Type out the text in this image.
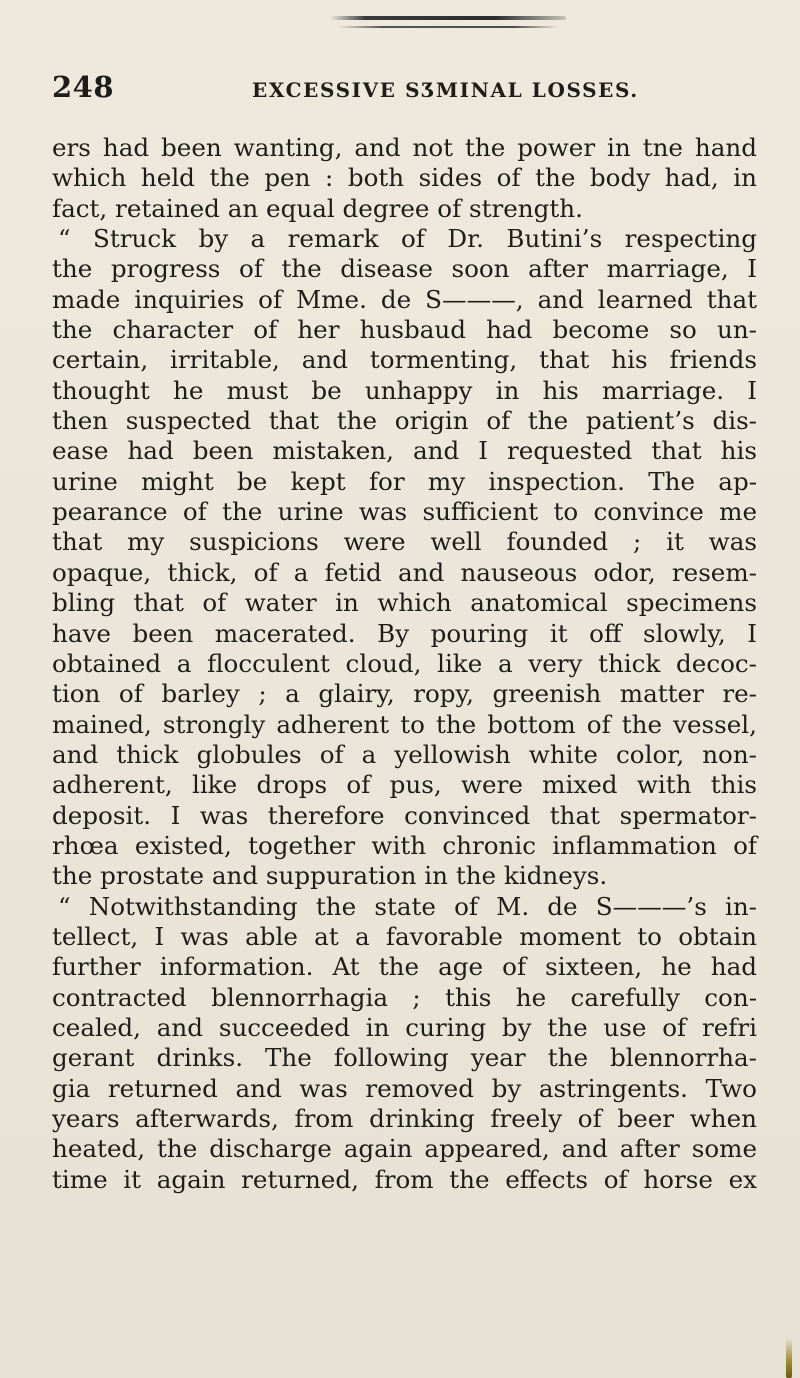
248	EXCESSIVE SƷMINAL LOSSES.
ers had been wanting, and not the power in tne hand
which held the pen : both sides of the body had, in
fact, retained an equal degree of strength.
“ Struck by a remark of Dr. Butini’s respecting
the progress of the disease soon after marriage, I
made inquiries of Mme. de S———, and learned that
the character of her husbaud had become so un-
certain, irritable, and tormenting, that his friends
thought he must be unhappy in his marriage. I
then suspected that the origin of the patient’s dis-
ease had been mistaken, and I requested that his
urine might be kept for my inspection. The ap-
pearance of the urine was sufficient to convince me
that my suspicions were well founded ; it was
opaque, thick, of a fetid and nauseous odor, resem-
bling that of water in which anatomical specimens
have been macerated. By pouring it off slowly, I
obtained a flocculent cloud, like a very thick decoc-
tion of barley ; a glairy, ropy, greenish matter re-
mained, strongly adherent to the bottom of the vessel,
and thick globules of a yellowish white color, non-
adherent, like drops of pus, were mixed with this
deposit. I was therefore convinced that spermator-
rhœa existed, together with chronic inflammation of
the prostate and suppuration in the kidneys.
“ Notwithstanding the state of M. de S———’s in-
tellect, I was able at a favorable moment to obtain
further information. At the age of sixteen, he had
contracted blennorrhagia ; this he carefully con-
cealed, and succeeded in curing by the use of refri
gerant drinks. The following year the blennorrha-
gia returned and was removed by astringents. Two
years afterwards, from drinking freely of beer when
heated, the discharge again appeared, and after some
time it again returned, from the effects of horse ex
